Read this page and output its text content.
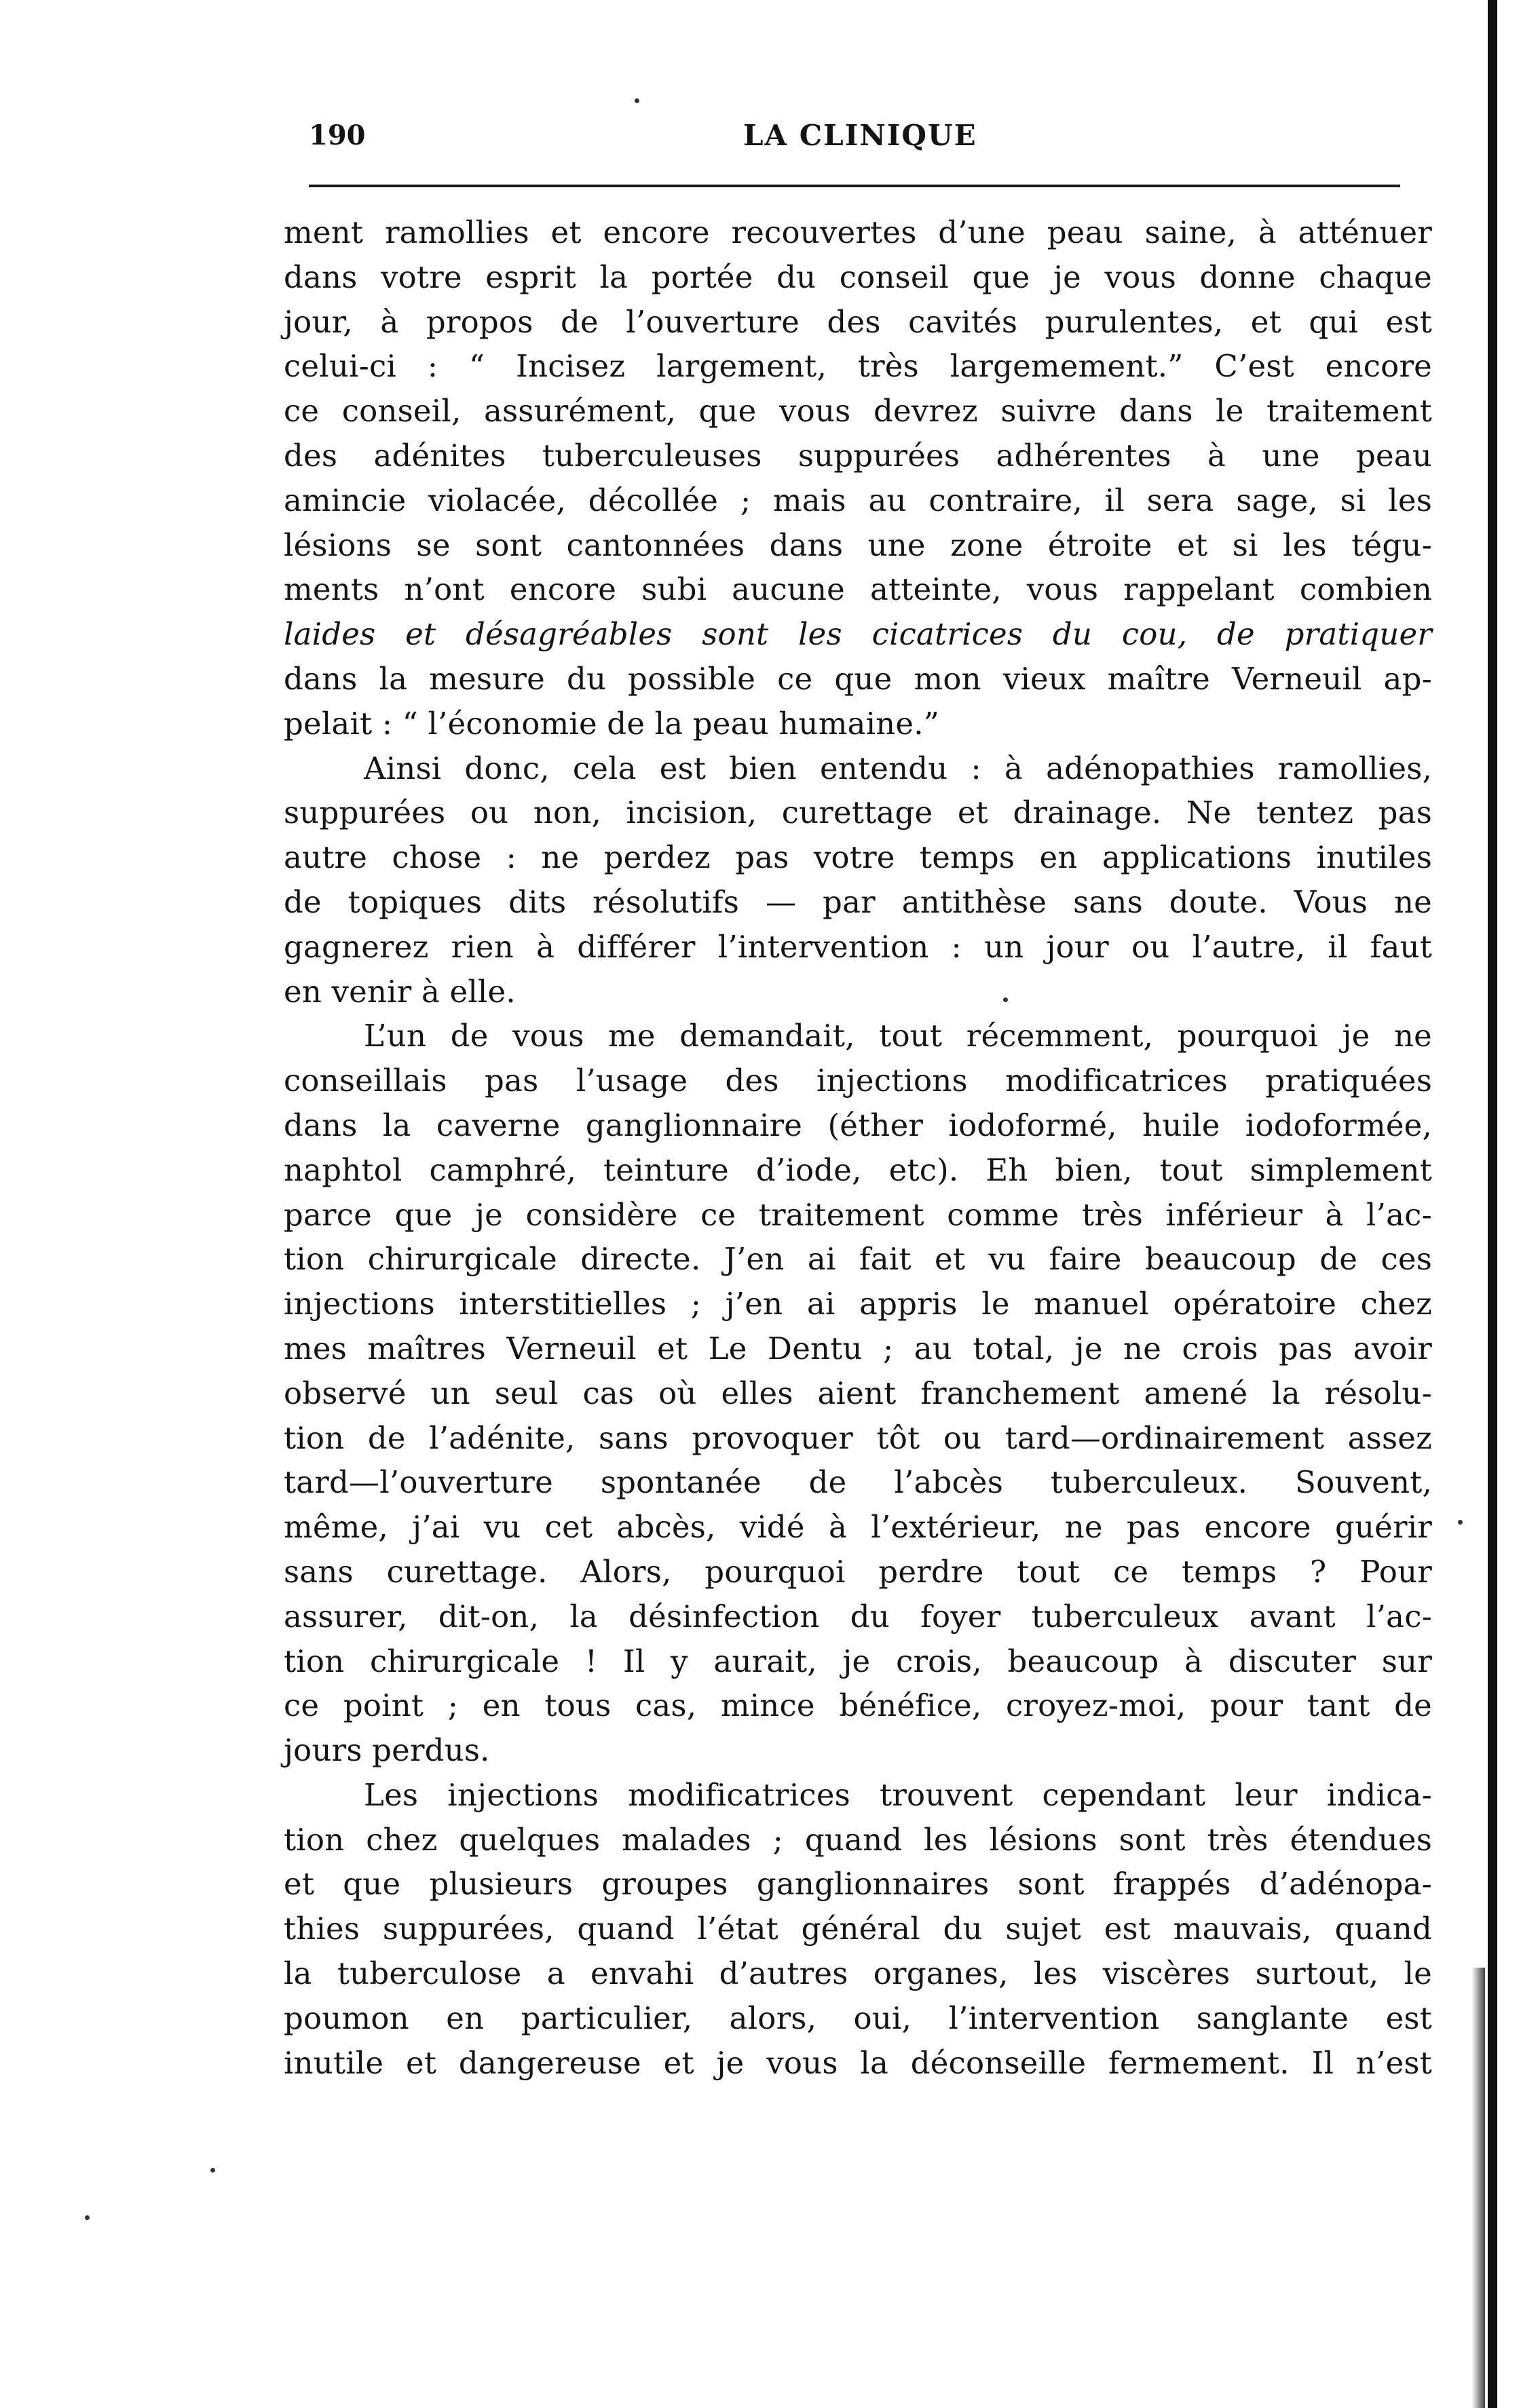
190	LA CLINIQUE
ment ramollies et encore recouvertes d’une peau saine, à atténuer
dans votre esprit la portée du conseil que je vous donne chaque
jour, à propos de l’ouverture des cavités purulentes, et qui est
celui-ci : “ Incisez largement, très largemement.” C’est encore
ce conseil, assurément, que vous devrez suivre dans le traitement
des adénites tuberculeuses suppurées adhérentes à une peau
amincie violacée, décollée ; mais au contraire, il sera sage, si les
lésions se sont cantonnées dans une zone étroite et si les tégu-
ments n’ont encore subi aucune atteinte, vous rappelant combien
laides et désagréables sont les cicatrices du cou, de pratiquer
dans la mesure du possible ce que mon vieux maître Verneuil ap-
pelait : “ l’économie de la peau humaine.”
Ainsi donc, cela est bien entendu : à adénopathies ramollies,
suppurées ou non, incision, curettage et drainage. Ne tentez pas
autre chose : ne perdez pas votre temps en applications inutiles
de topiques dits résolutifs — par antithèse sans doute. Vous ne
gagnerez rien à différer l’intervention : un jour ou l’autre, il faut
en venir à elle.
L’un de vous me demandait, tout récemment, pourquoi je ne
conseillais pas l’usage des injections modificatrices pratiquées
dans la caverne ganglionnaire (éther iodoformé, huile iodoformée,
naphtol camphré, teinture d’iode, etc). Eh bien, tout simplement
parce que je considère ce traitement comme très inférieur à l’ac-
tion chirurgicale directe. J’en ai fait et vu faire beaucoup de ces
injections interstitielles ; j’en ai appris le manuel opératoire chez
mes maîtres Verneuil et Le Dentu ; au total, je ne crois pas avoir
observé un seul cas où elles aient franchement amené la résolu-
tion de l’adénite, sans provoquer tôt ou tard—ordinairement assez
tard—l’ouverture spontanée de l’abcès tuberculeux. Souvent,
même, j’ai vu cet abcès, vidé à l’extérieur, ne pas encore guérir
sans curettage. Alors, pourquoi perdre tout ce temps ? Pour
assurer, dit-on, la désinfection du foyer tuberculeux avant l’ac-
tion chirurgicale ! Il y aurait, je crois, beaucoup à discuter sur
ce point ; en tous cas, mince bénéfice, croyez-moi, pour tant de
jours perdus.
Les injections modificatrices trouvent cependant leur indica-
tion chez quelques malades ; quand les lésions sont très étendues
et que plusieurs groupes ganglionnaires sont frappés d’adénopa-
thies suppurées, quand l’état général du sujet est mauvais, quand
la tuberculose a envahi d’autres organes, les viscères surtout, le
poumon en particulier, alors, oui, l’intervention sanglante est
inutile et dangereuse et je vous la déconseille fermement. Il n’est
